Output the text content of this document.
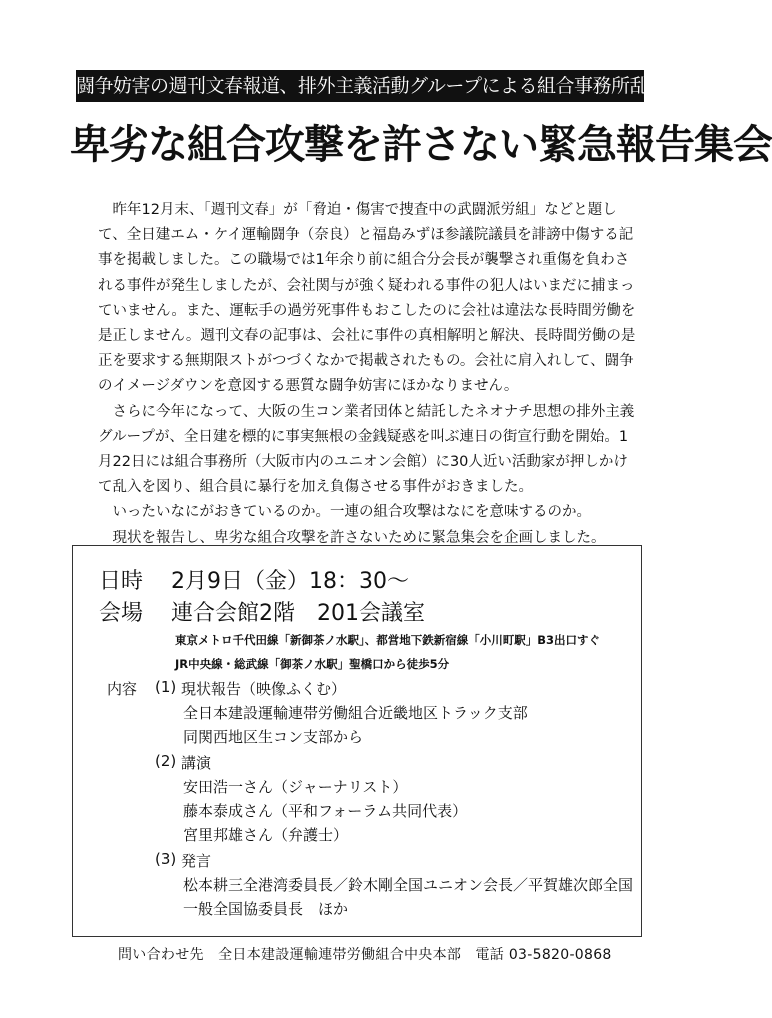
闘争妨害の週刊文春報道、排外主義活動グループによる組合事務所乱入・暴行事件
卑劣な組合攻撃を許さない緊急報告集会

昨年12月末、「週刊文春」が「脅迫・傷害で捜査中の武闘派労組」などと題して、全日建エム・ケイ運輸闘争（奈良）と福島みずほ参議院議員を誹謗中傷する記事を掲載しました。この職場では1年余り前に組合分会長が襲撃され重傷を負わされる事件が発生しましたが、会社関与が強く疑われる事件の犯人はいまだに捕まっていません。また、運転手の過労死事件もおこしたのに会社は違法な長時間労働を是正しません。週刊文春の記事は、会社に事件の真相解明と解決、長時間労働の是正を要求する無期限ストがつづくなかで掲載されたもの。会社に肩入れして、闘争のイメージダウンを意図する悪質な闘争妨害にほかなりません。

さらに今年になって、大阪の生コン業者団体と結託したネオナチ思想の排外主義グループが、全日建を標的に事実無根の金銭疑惑を叫ぶ連日の街宣行動を開始。1月22日には組合事務所（大阪市内のユニオン会館）に30人近い活動家が押しかけて乱入を図り、組合員に暴行を加え負傷させる事件がおきました。

いったいなにがおきているのか。一連の組合攻撃はなにを意味するのか。

現状を報告し、卑劣な組合攻撃を許さないために緊急集会を企画しました。

日時 2月9日（金）18：30〜
会場 連合会館2階　201会議室
東京メトロ千代田線「新御茶ノ水駅」、都営地下鉄新宿線「小川町駅」B3出口すぐ
JR中央線・総武線「御茶ノ水駅」聖橋口から徒歩5分
内容 (1) 現状報告（映像ふくむ）
全日本建設運輸連帯労働組合近畿地区トラック支部
同関西地区生コン支部から
(2) 講演
安田浩一さん（ジャーナリスト）
藤本泰成さん（平和フォーラム共同代表）
宮里邦雄さん（弁護士）
(3) 発言
松本耕三全港湾委員長／鈴木剛全国ユニオン会長／平賀雄次郎全国
一般全国協委員長　ほか
問い合わせ先　全日本建設運輸連帯労働組合中央本部　電話 03-5820-0868
